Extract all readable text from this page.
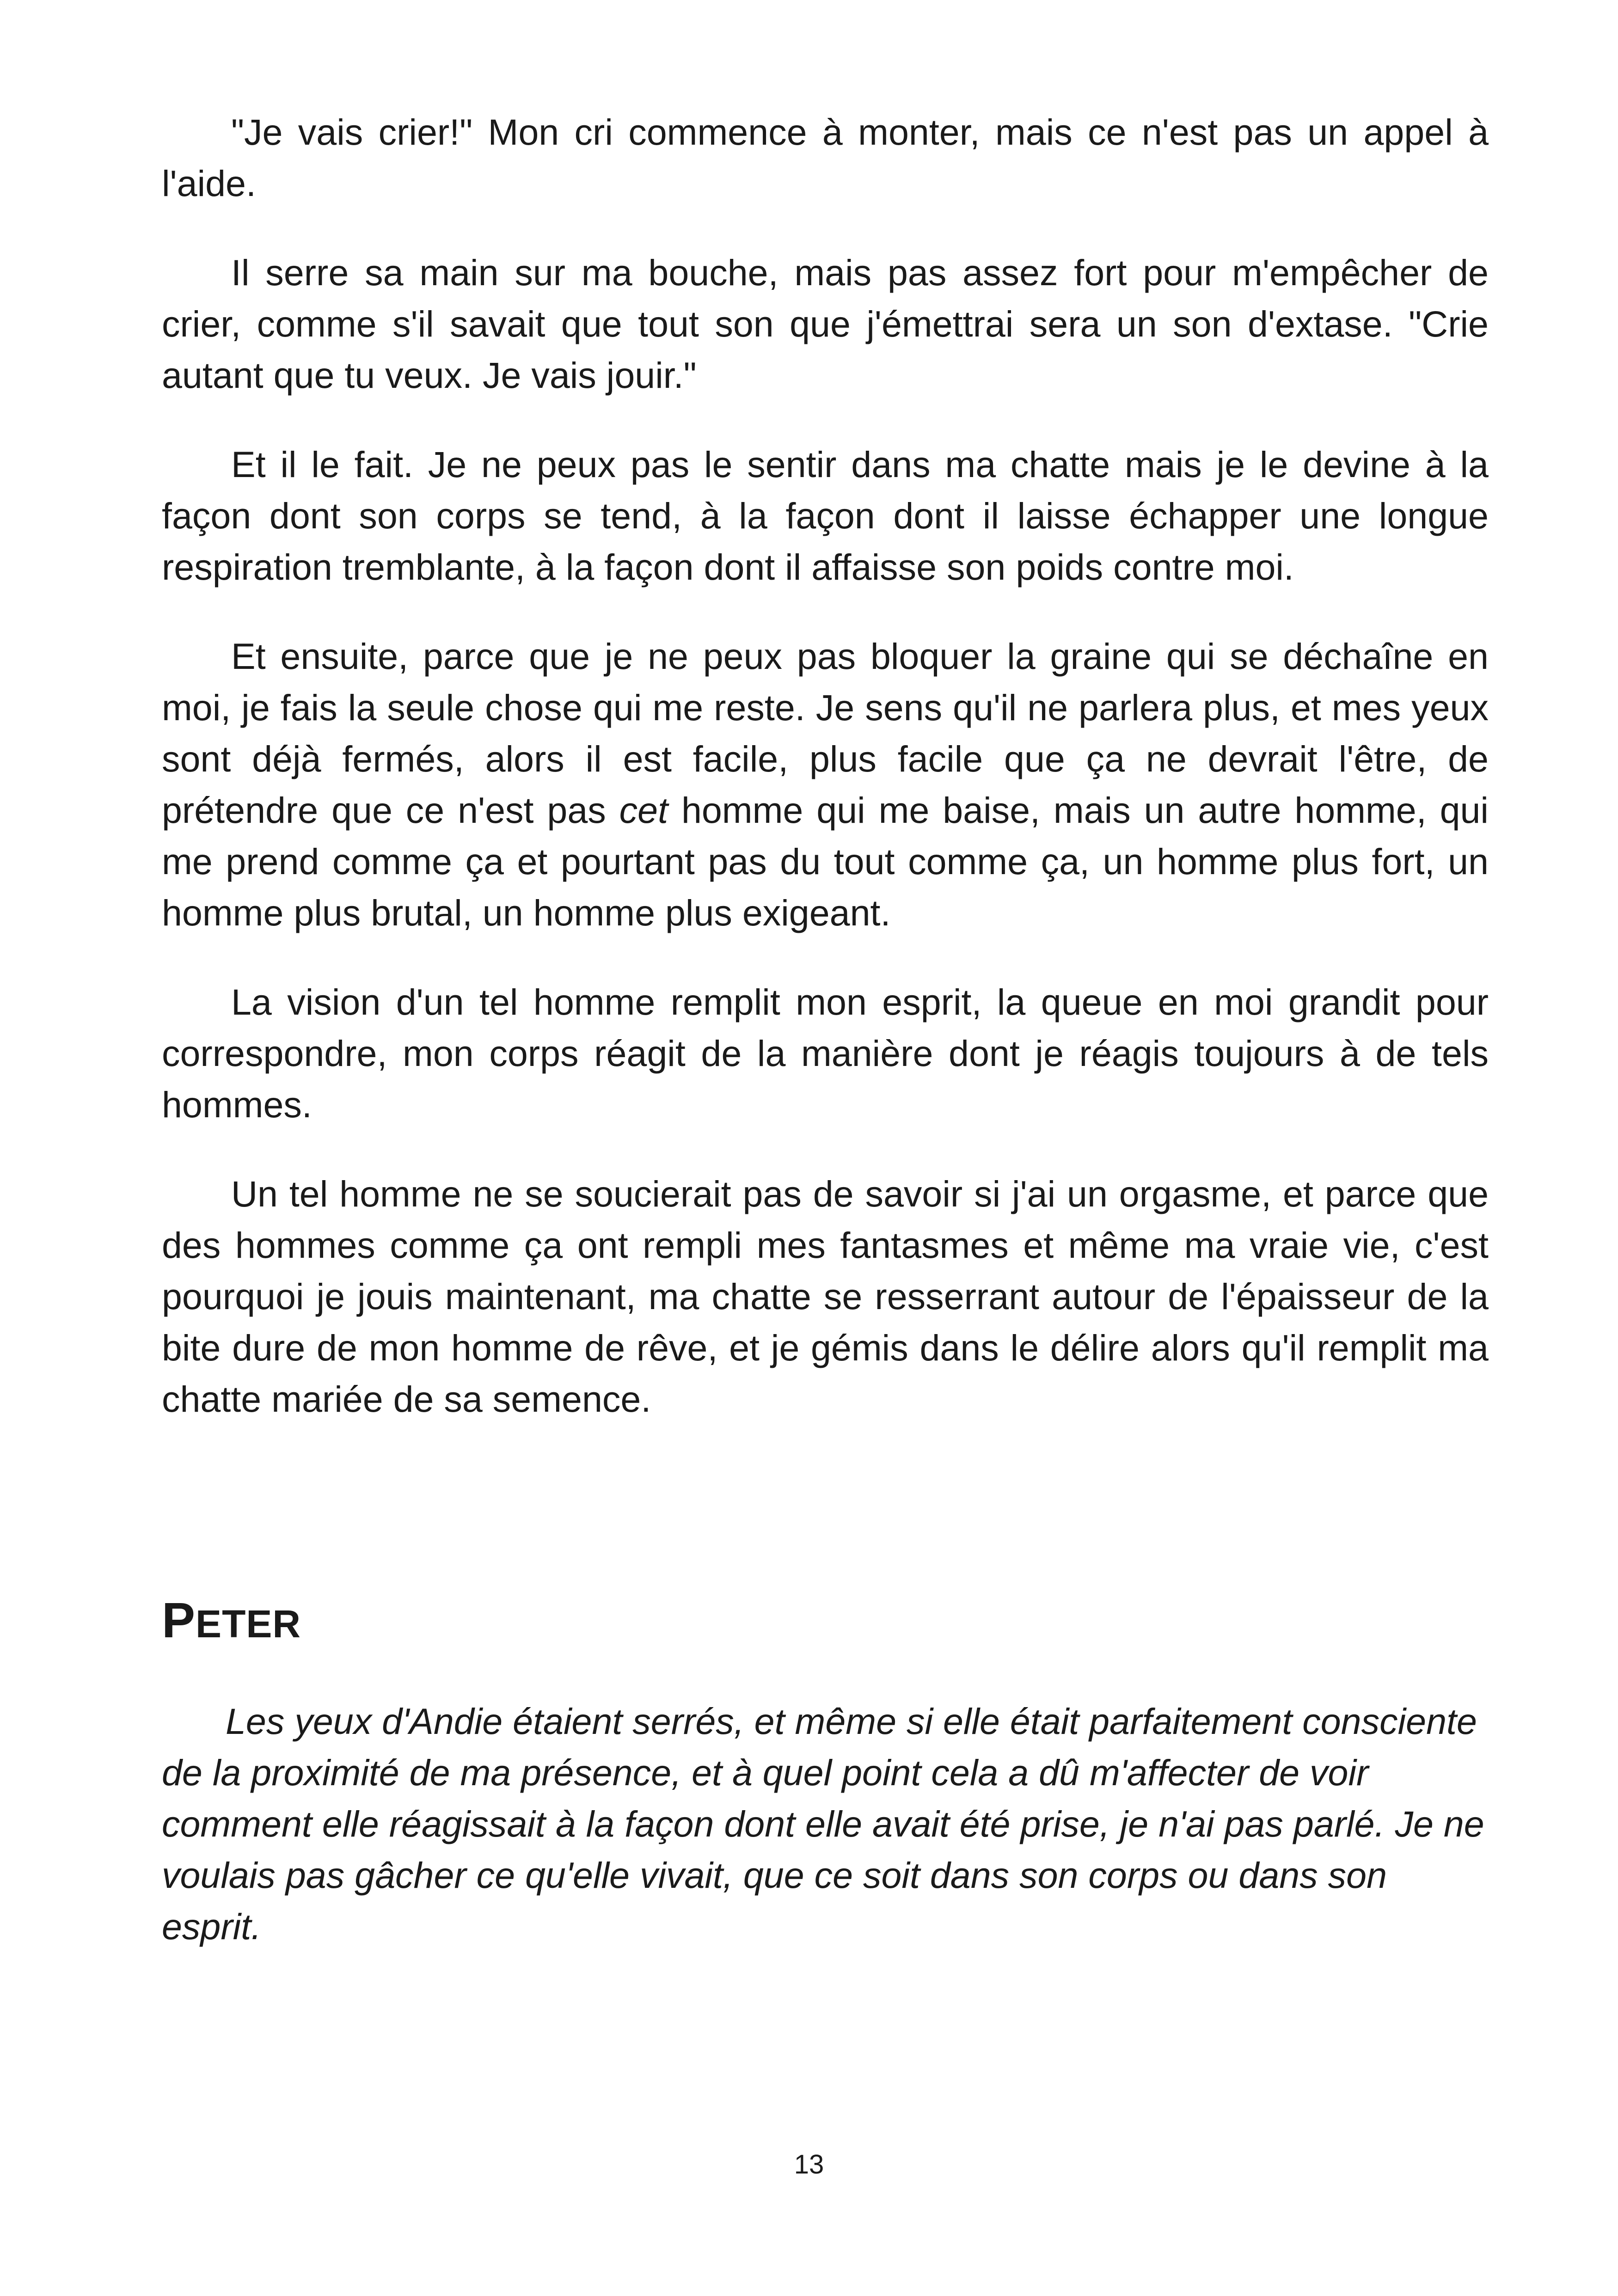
"Je vais crier!" Mon cri commence à monter, mais ce n'est pas un appel à l'aide.

Il serre sa main sur ma bouche, mais pas assez fort pour m'empêcher de crier, comme s'il savait que tout son que j'émettrai sera un son d'extase. "Crie autant que tu veux. Je vais jouir."

Et il le fait. Je ne peux pas le sentir dans ma chatte mais je le devine à la façon dont son corps se tend, à la façon dont il laisse échapper une longue respiration tremblante, à la façon dont il affaisse son poids contre moi.

Et ensuite, parce que je ne peux pas bloquer la graine qui se déchaîne en moi, je fais la seule chose qui me reste. Je sens qu'il ne parlera plus, et mes yeux sont déjà fermés, alors il est facile, plus facile que ça ne devrait l'être, de prétendre que ce n'est pas cet homme qui me baise, mais un autre homme, qui me prend comme ça et pourtant pas du tout comme ça, un homme plus fort, un homme plus brutal, un homme plus exigeant.

La vision d'un tel homme remplit mon esprit, la queue en moi grandit pour correspondre, mon corps réagit de la manière dont je réagis toujours à de tels hommes.

Un tel homme ne se soucierait pas de savoir si j'ai un orgasme, et parce que des hommes comme ça ont rempli mes fantasmes et même ma vraie vie, c'est pourquoi je jouis maintenant, ma chatte se resserrant autour de l'épaisseur de la bite dure de mon homme de rêve, et je gémis dans le délire alors qu'il remplit ma chatte mariée de sa semence.

PETER

Les yeux d'Andie étaient serrés, et même si elle était parfaitement consciente de la proximité de ma présence, et à quel point cela a dû m'affecter de voir comment elle réagissait à la façon dont elle avait été prise, je n'ai pas parlé. Je ne voulais pas gâcher ce qu'elle vivait, que ce soit dans son corps ou dans son esprit.

13
